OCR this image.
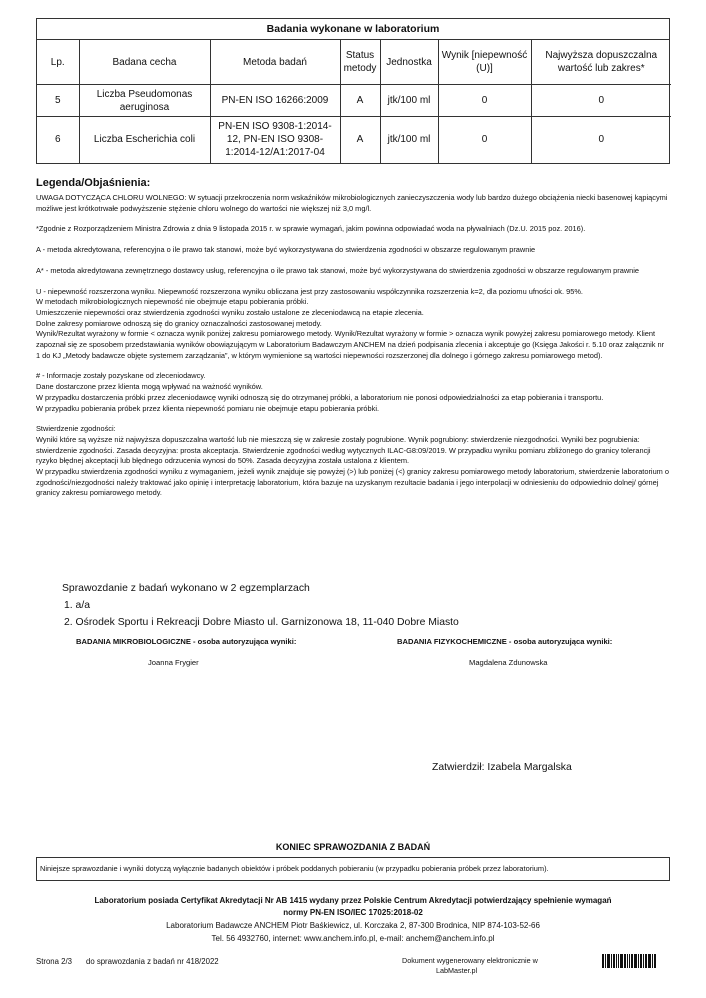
Badania wykonane w laboratorium
Lp.	Badana cecha	Metoda badań	Status metody	Jednostka	Wynik [niepewność (U)]	Najwyższa dopuszczalna wartość lub zakres*
5	Liczba Pseudomonas aeruginosa	PN-EN ISO 16266:2009	A	jtk/100 ml	0	0
6	Liczba Escherichia coli	PN-EN ISO 9308-1:2014-12, PN-EN ISO 9308-1:2014-12/A1:2017-04	A	jtk/100 ml	0	0
Legenda/Objaśnienia:

UWAGA DOTYCZĄCA CHLORU WOLNEGO: W sytuacji przekroczenia norm wskaźników mikrobiologicznych zanieczyszczenia wody lub bardzo dużego obciążenia niecki basenowej kąpiącymi możliwe jest krótkotrwałe podwyższenie stężenie chloru wolnego do wartości nie większej niż 3,0 mg/l.

*Zgodnie z Rozporządzeniem Ministra Zdrowia z dnia 9 listopada 2015 r. w sprawie wymagań, jakim powinna odpowiadać woda na pływalniach (Dz.U. 2015 poz. 2016).

A - metoda akredytowana, referencyjna o ile prawo tak stanowi, może być wykorzystywana do stwierdzenia zgodności w obszarze regulowanym prawnie

A* - metoda akredytowana zewnętrznego dostawcy usług, referencyjna o ile prawo tak stanowi, może być wykorzystywana do stwierdzenia zgodności w obszarze regulowanym prawnie

U - niepewność rozszerzona wyniku. Niepewność rozszerzona wyniku obliczana jest przy zastosowaniu współczynnika rozszerzenia k=2, dla poziomu ufności ok. 95%.

W metodach mikrobiologicznych niepewność nie obejmuje etapu pobierania próbki.

Umieszczenie niepewności oraz stwierdzenia zgodności wyniku zostało ustalone ze zleceniodawcą na etapie zlecenia.

Dolne zakresy pomiarowe odnoszą się do granicy oznaczalności zastosowanej metody.

Wynik/Rezultat wyrażony w formie < oznacza wynik poniżej zakresu pomiarowego metody. Wynik/Rezultat wyrażony w formie > oznacza wynik powyżej zakresu pomiarowego metody. Klient zapoznał się ze sposobem przedstawiania wyników obowiązującym w Laboratorium Badawczym ANCHEM na dzień podpisania zlecenia i akceptuje go (Księga Jakości r. 5.10 oraz załącznik nr 1 do KJ „Metody badawcze objęte systemem zarządzania”, w którym wymienione są wartości niepewności rozszerzonej dla dolnego i górnego zakresu pomiarowego metod).

# - Informacje zostały pozyskane od zleceniodawcy.

Dane dostarczone przez klienta mogą wpływać na ważność wyników.

W przypadku dostarczenia próbki przez zleceniodawcę wyniki odnoszą się do otrzymanej próbki, a laboratorium nie ponosi odpowiedzialności za etap pobierania i transportu.

W przypadku pobierania próbek przez klienta niepewność pomiaru nie obejmuje etapu pobierania próbki.

Stwierdzenie zgodności:

Wyniki które są wyższe niż najwyższa dopuszczalna wartość lub nie mieszczą się w zakresie zostały pogrubione. Wynik pogrubiony: stwierdzenie niezgodności. Wyniki bez pogrubienia: stwierdzenie zgodności. Zasada decyzyjna: prosta akceptacja. Stwierdzenie zgodności według wytycznych ILAC-G8:09/2019. W przypadku wyniku pomiaru zbliżonego do granicy tolerancji ryzyko błędnej akceptacji lub błędnego odrzucenia wynosi do 50%. Zasada decyzyjna została ustalona z klientem.

W przypadku stwierdzenia zgodności wyniku z wymaganiem, jeżeli wynik znajduje się powyżej (>) lub poniżej (<) granicy zakresu pomiarowego metody laboratorium, stwierdzenie laboratorium o zgodności/niezgodności należy traktować jako opinię i interpretację laboratorium, która bazuje na uzyskanym rezultacie badania i jego interpolacji w odniesieniu do odpowiednio dolnej/ górnej granicy zakresu pomiarowego metody.

Sprawozdanie z badań wykonano w 2 egzemplarzach

1. a/a

2. Ośrodek Sportu i Rekreacji Dobre Miasto ul. Garnizonowa 18, 11-040 Dobre Miasto

BADANIA MIKROBIOLOGICZNE - osoba autoryzująca wyniki:
Joanna Frygier
BADANIA FIZYKOCHEMICZNE - osoba autoryzująca wyniki:
Magdalena Zdunowska
Zatwierdził: Izabela Margalska
KONIEC SPRAWOZDANIA Z BADAŃ
Niniejsze sprawozdanie i wyniki dotyczą wyłącznie badanych obiektów i próbek poddanych pobieraniu (w przypadku pobierania próbek przez laboratorium).
Laboratorium posiada Certyfikat Akredytacji Nr AB 1415 wydany przez Polskie Centrum Akredytacji potwierdzający spełnienie wymagań
normy PN-EN ISO/IEC 17025:2018-02
Laboratorium Badawcze ANCHEM Piotr Baśkiewicz, ul. Korczaka 2, 87-300 Brodnica, NIP 874-103-52-66
Tel. 56 4932760, internet: www.anchem.info.pl, e-mail: anchem@anchem.info.pl
Strona 2/3 do sprawozdania z badań nr 418/2022	Dokument wygenerowany elektronicznie w
LabMaster.pl
